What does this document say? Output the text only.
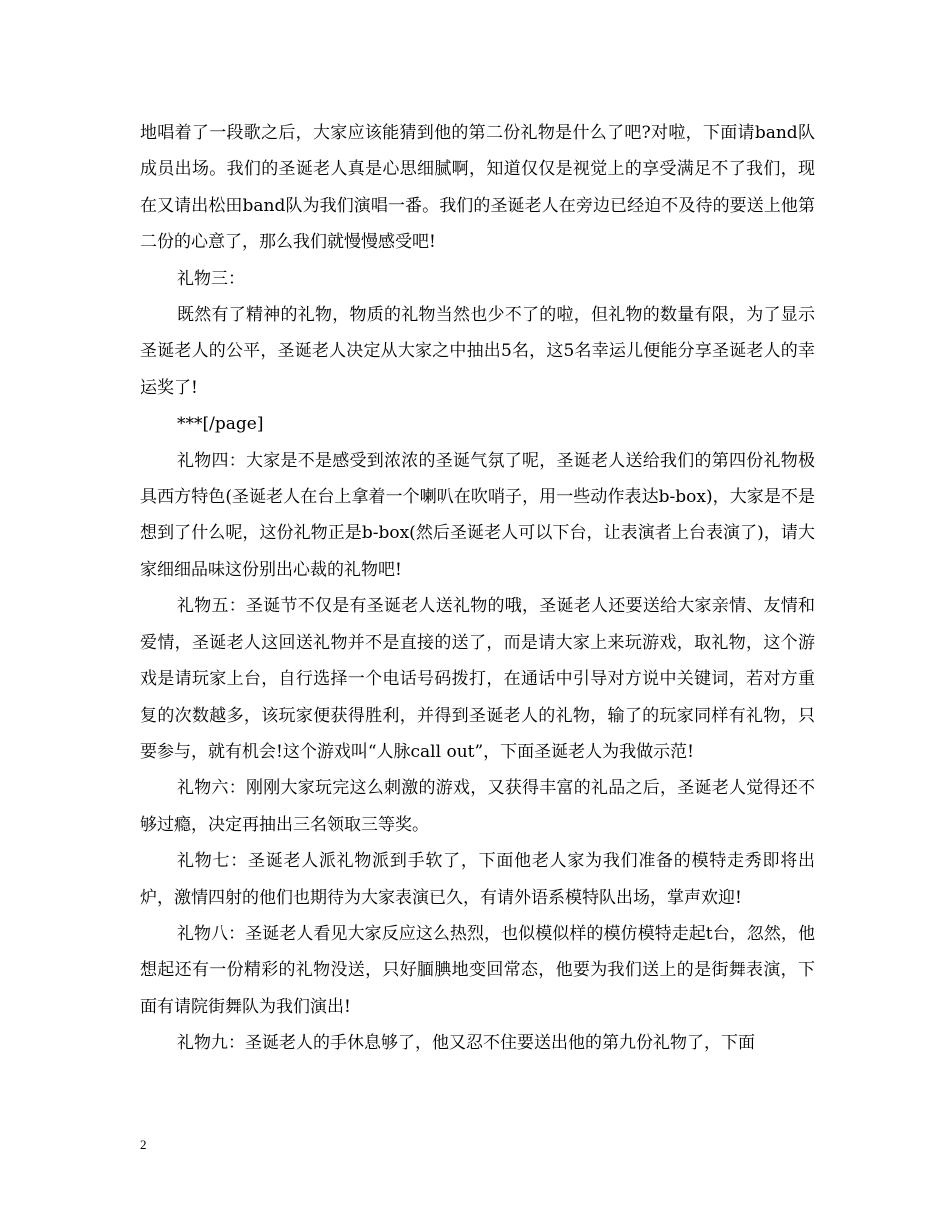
地唱着了一段歌之后，大家应该能猜到他的第二份礼物是什么了吧?对啦，下面请band队成员出场。我们的圣诞老人真是心思细腻啊，知道仅仅是视觉上的享受满足不了我们，现在又请出松田band队为我们演唱一番。我们的圣诞老人在旁边已经迫不及待的要送上他第二份的心意了，那么我们就慢慢感受吧!

礼物三：

既然有了精神的礼物，物质的礼物当然也少不了的啦，但礼物的数量有限，为了显示圣诞老人的公平，圣诞老人决定从大家之中抽出5名，这5名幸运儿便能分享圣诞老人的幸运奖了!

***[/page]

礼物四：大家是不是感受到浓浓的圣诞气氛了呢，圣诞老人送给我们的第四份礼物极具西方特色(圣诞老人在台上拿着一个喇叭在吹哨子，用一些动作表达b-box)，大家是不是想到了什么呢，这份礼物正是b-box(然后圣诞老人可以下台，让表演者上台表演了)，请大家细细品味这份别出心裁的礼物吧!

礼物五：圣诞节不仅是有圣诞老人送礼物的哦，圣诞老人还要送给大家亲情、友情和爱情，圣诞老人这回送礼物并不是直接的送了，而是请大家上来玩游戏，取礼物，这个游戏是请玩家上台，自行选择一个电话号码拨打，在通话中引导对方说中关键词，若对方重复的次数越多，该玩家便获得胜利，并得到圣诞老人的礼物，输了的玩家同样有礼物，只要参与，就有机会!这个游戏叫“人脉call out”，下面圣诞老人为我做示范!

礼物六：刚刚大家玩完这么刺激的游戏，又获得丰富的礼品之后，圣诞老人觉得还不够过瘾，决定再抽出三名领取三等奖。

礼物七：圣诞老人派礼物派到手软了，下面他老人家为我们准备的模特走秀即将出炉，激情四射的他们也期待为大家表演已久，有请外语系模特队出场，掌声欢迎!

礼物八：圣诞老人看见大家反应这么热烈，也似模似样的模仿模特走起t台，忽然，他想起还有一份精彩的礼物没送，只好腼腆地变回常态，他要为我们送上的是街舞表演，下面有请院街舞队为我们演出!

礼物九：圣诞老人的手休息够了，他又忍不住要送出他的第九份礼物了，下面

2
